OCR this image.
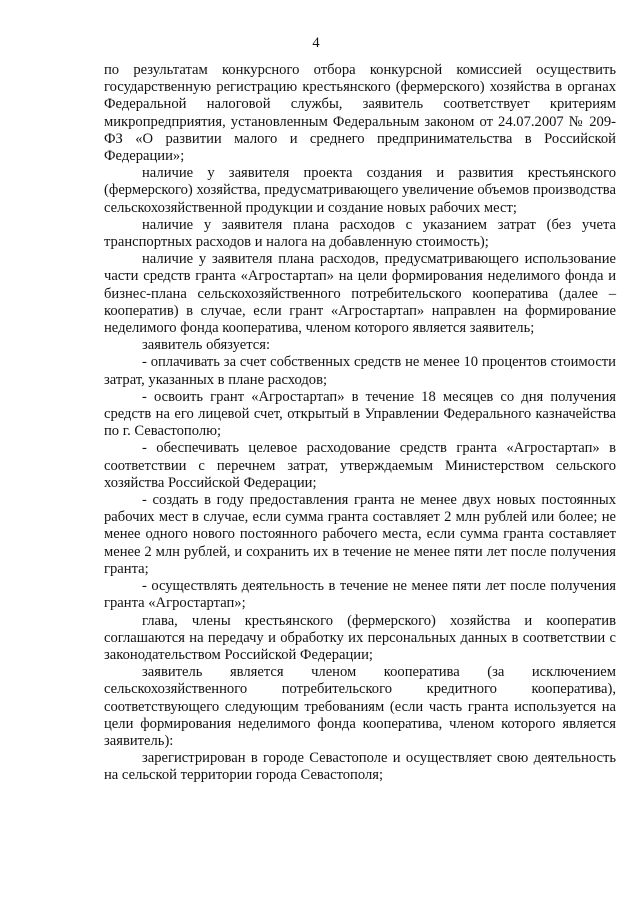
4

по результатам конкурсного отбора конкурсной комиссией осуществить государственную регистрацию крестьянского (фермерского) хозяйства в органах Федеральной налоговой службы, заявитель соответствует критериям микропредприятия, установленным Федеральным законом от 24.07.2007 № 209-ФЗ «О развитии малого и среднего предпринимательства в Российской Федерации»;

наличие у заявителя проекта создания и развития крестьянского (фермерского) хозяйства, предусматривающего увеличение объемов производства сельскохозяйственной продукции и создание новых рабочих мест;

наличие у заявителя плана расходов с указанием затрат (без учета транспортных расходов и налога на добавленную стоимость);

наличие у заявителя плана расходов, предусматривающего использование части средств гранта «Агростартап» на цели формирования неделимого фонда и бизнес-плана сельскохозяйственного потребительского кооператива (далее – кооператив) в случае, если грант «Агростартап» направлен на формирование неделимого фонда кооператива, членом которого является заявитель;

заявитель обязуется:

- оплачивать за счет собственных средств не менее 10 процентов стоимости затрат, указанных в плане расходов;

- освоить грант «Агростартап» в течение 18 месяцев со дня получения средств на его лицевой счет, открытый в Управлении Федерального казначейства по г. Севастополю;

- обеспечивать целевое расходование средств гранта «Агростартап» в соответствии с перечнем затрат, утверждаемым Министерством сельского хозяйства Российской Федерации;

- создать в году предоставления гранта не менее двух новых постоянных рабочих мест в случае, если сумма гранта составляет 2 млн рублей или более; не менее одного нового постоянного рабочего места, если сумма гранта составляет менее 2 млн рублей, и сохранить их в течение не менее пяти лет после получения гранта;

- осуществлять деятельность в течение не менее пяти лет после получения гранта «Агростартап»;

глава, члены крестьянского (фермерского) хозяйства и кооператив соглашаются на передачу и обработку их персональных данных в соответствии с законодательством Российской Федерации;

заявитель является членом кооператива (за исключением сельскохозяйственного потребительского кредитного кооператива), соответствующего следующим требованиям (если часть гранта используется на цели формирования неделимого фонда кооператива, членом которого является заявитель):

зарегистрирован в городе Севастополе и осуществляет свою деятельность на сельской территории города Севастополя;
